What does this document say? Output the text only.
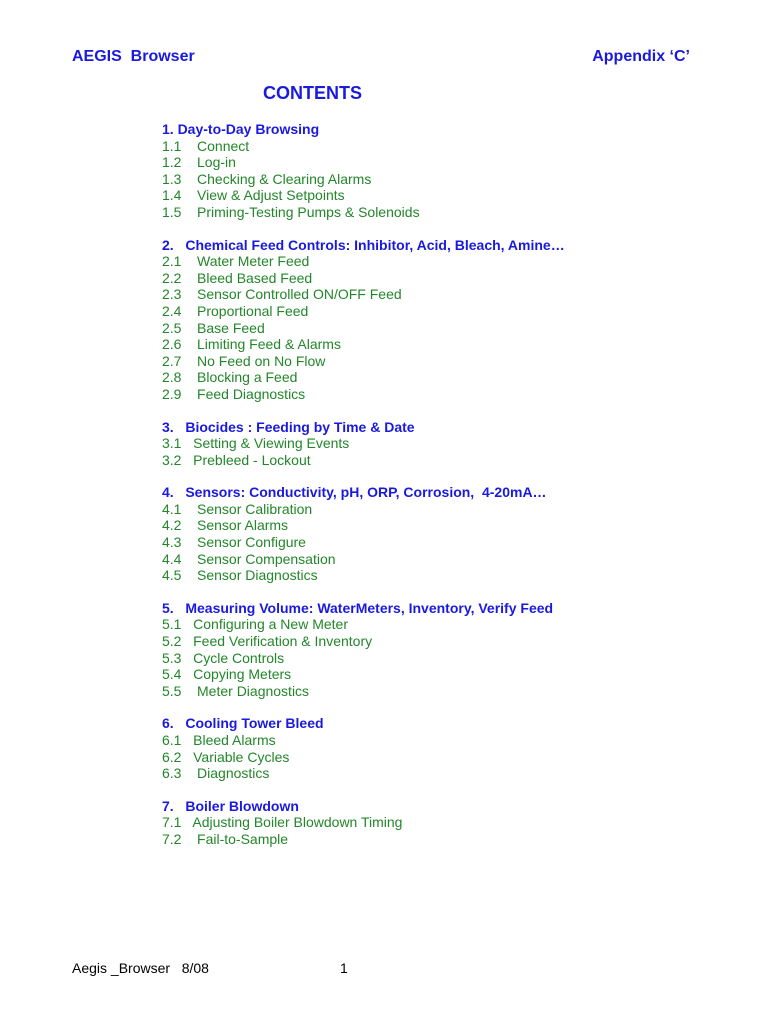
AEGIS  Browser	Appendix ‘C’
CONTENTS
1. Day-to-Day Browsing
1.1    Connect
1.2    Log-in
1.3    Checking & Clearing Alarms
1.4    View & Adjust Setpoints
1.5    Priming-Testing Pumps & Solenoids
2.   Chemical Feed Controls: Inhibitor, Acid, Bleach, Amine…
2.1    Water Meter Feed
2.2    Bleed Based Feed
2.3    Sensor Controlled ON/OFF Feed
2.4    Proportional Feed
2.5    Base Feed
2.6    Limiting Feed & Alarms
2.7    No Feed on No Flow
2.8    Blocking a Feed
2.9    Feed Diagnostics
3.   Biocides : Feeding by Time & Date
3.1   Setting & Viewing Events
3.2   Prebleed - Lockout
4.   Sensors: Conductivity, pH, ORP, Corrosion,  4-20mA…
4.1    Sensor Calibration
4.2    Sensor Alarms
4.3    Sensor Configure
4.4    Sensor Compensation
4.5    Sensor Diagnostics
5.   Measuring Volume: WaterMeters, Inventory, Verify Feed
5.1   Configuring a New Meter
5.2   Feed Verification & Inventory
5.3   Cycle Controls
5.4   Copying Meters
5.5    Meter Diagnostics
6.   Cooling Tower Bleed
6.1   Bleed Alarms
6.2   Variable Cycles
6.3    Diagnostics
7.   Boiler Blowdown
7.1   Adjusting Boiler Blowdown Timing
7.2    Fail-to-Sample
Aegis _Browser   8/08	1
